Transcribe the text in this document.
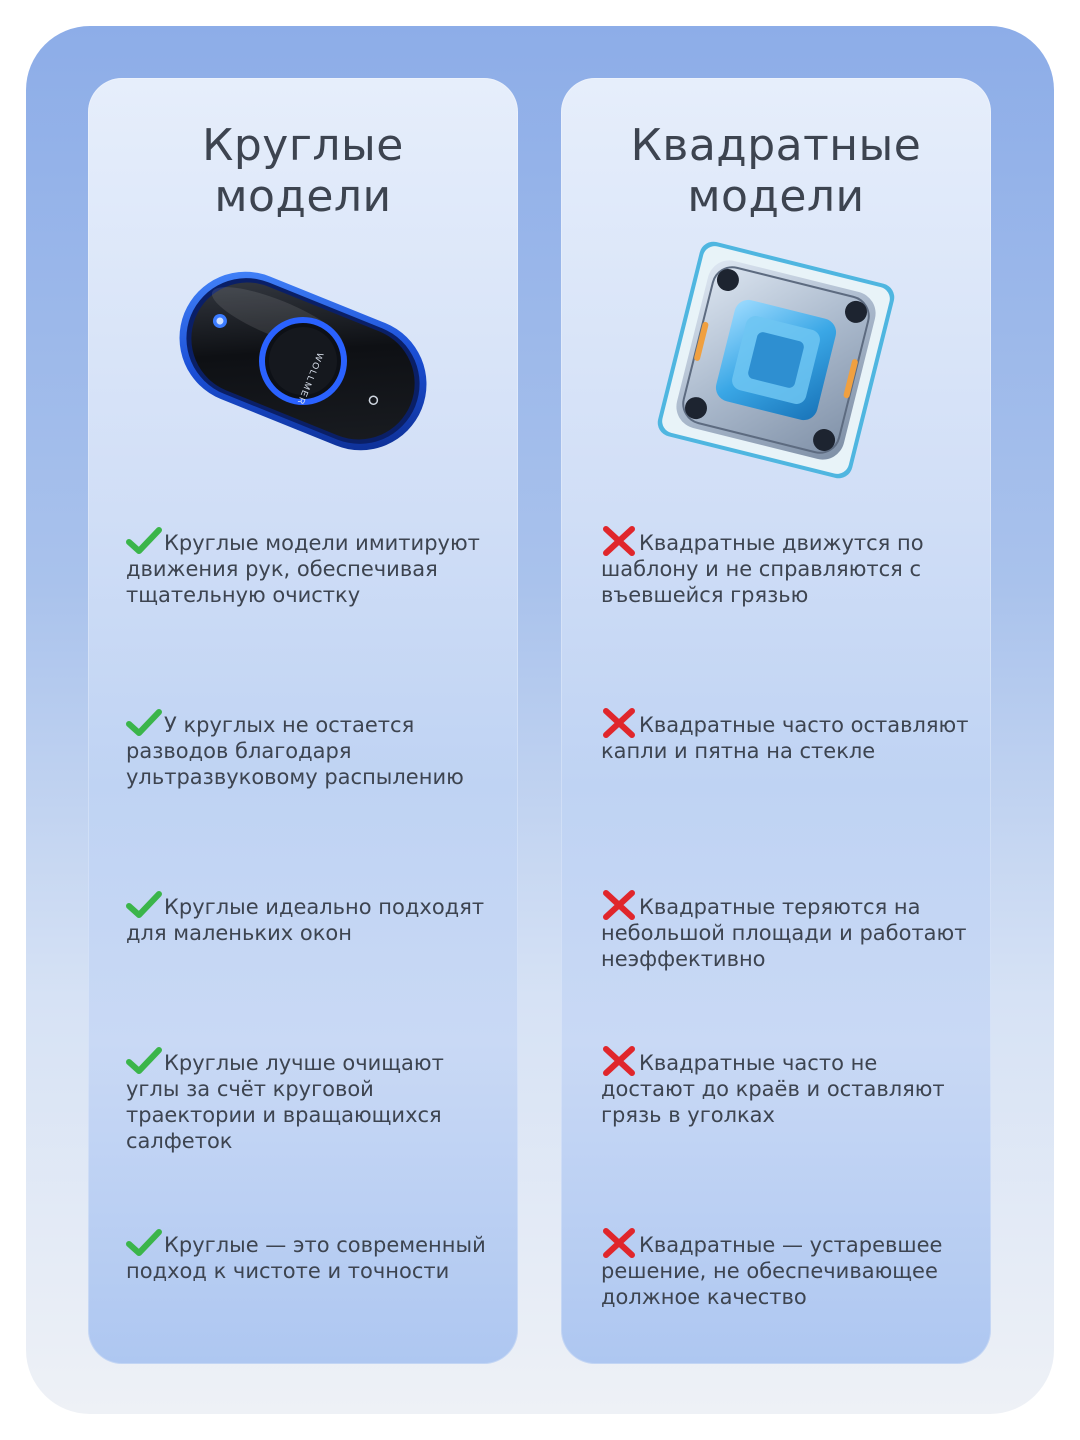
Круглые
модели
WOLLMER
Круглые модели имитируют движения рук, обеспечивая тщательную очистку
У круглых не остается разводов благодаря ультразвуковому распылению
Круглые идеально подходят для маленьких окон
Круглые лучше очищают углы за счёт круговой траектории и вращающихся салфеток
Круглые — это современный подход к чистоте и точности
Квадратные
модели
Квадратные движутся по шаблону и не справляются с въевшейся грязью
Квадратные часто оставляют капли и пятна на стекле
Квадратные теряются на небольшой площади и работают неэффективно
Квадратные часто не достают до краёв и оставляют грязь в уголках
Квадратные — устаревшее решение, не обеспечивающее должное качество
